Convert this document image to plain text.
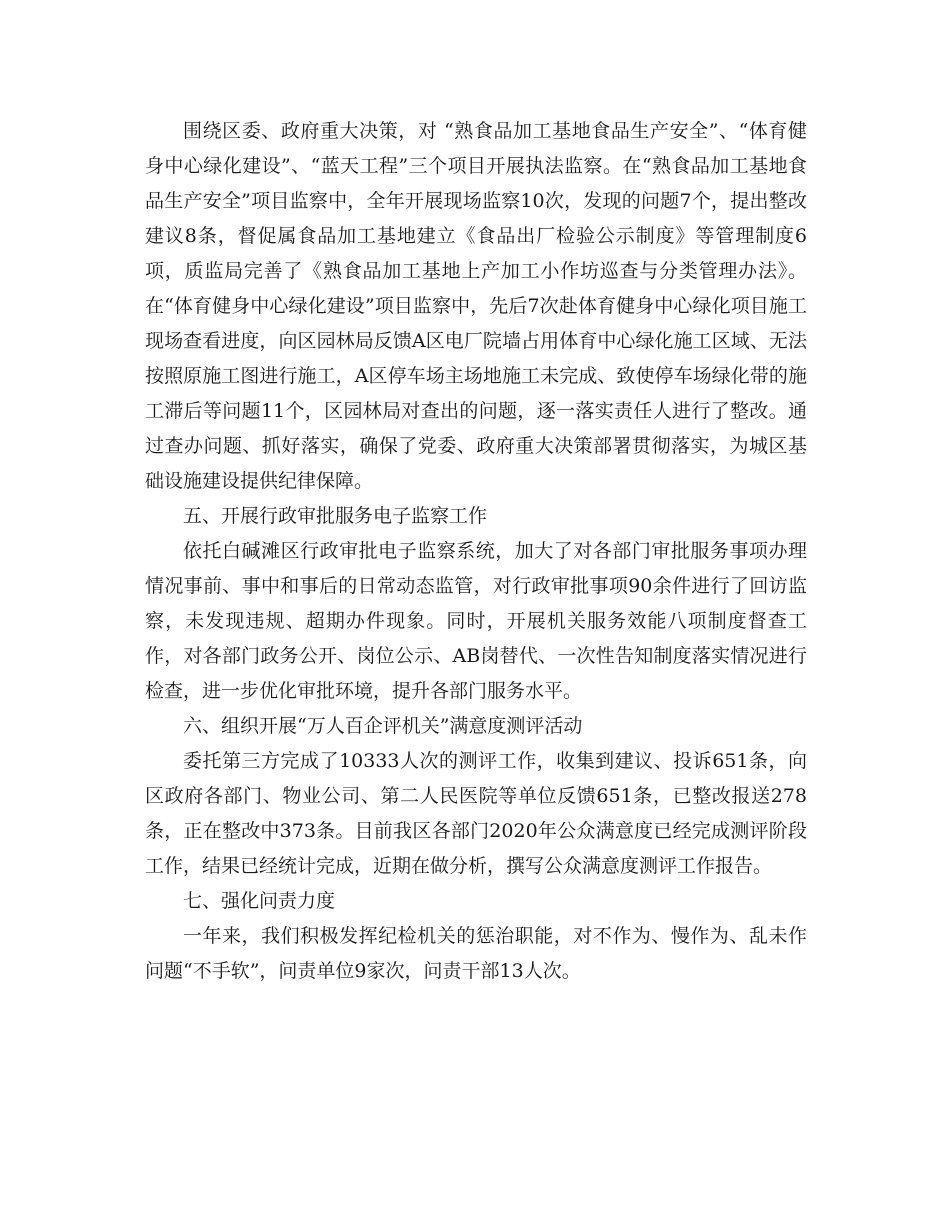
围绕区委、政府重大决策，对 “熟食品加工基地食品生产安全”、“体育健身中心绿化建设”、“蓝天工程”三个项目开展执法监察。在“熟食品加工基地食品生产安全”项目监察中，全年开展现场监察10次，发现的问题7个，提出整改建议8条，督促属食品加工基地建立《食品出厂检验公示制度》等管理制度6项，质监局完善了《熟食品加工基地上产加工小作坊巡查与分类管理办法》。在“体育健身中心绿化建设”项目监察中，先后7次赴体育健身中心绿化项目施工现场查看进度，向区园林局反馈A区电厂院墙占用体育中心绿化施工区域、无法按照原施工图进行施工，A区停车场主场地施工未完成、致使停车场绿化带的施工滞后等问题11个，区园林局对查出的问题，逐一落实责任人进行了整改。通过查办问题、抓好落实，确保了党委、政府重大决策部署贯彻落实，为城区基础设施建设提供纪律保障。

五、开展行政审批服务电子监察工作

依托白碱滩区行政审批电子监察系统，加大了对各部门审批服务事项办理情况事前、事中和事后的日常动态监管，对行政审批事项90余件进行了回访监察，未发现违规、超期办件现象。同时，开展机关服务效能八项制度督查工作，对各部门政务公开、岗位公示、AB岗替代、一次性告知制度落实情况进行检查，进一步优化审批环境，提升各部门服务水平。

六、组织开展“万人百企评机关”满意度测评活动

委托第三方完成了10333人次的测评工作，收集到建议、投诉651条，向区政府各部门、物业公司、第二人民医院等单位反馈651条，已整改报送278条，正在整改中373条。目前我区各部门2020年公众满意度已经完成测评阶段工作，结果已经统计完成，近期在做分析，撰写公众满意度测评工作报告。

七、强化问责力度

一年来，我们积极发挥纪检机关的惩治职能，对不作为、慢作为、乱未作问题“不手软”，问责单位9家次，问责干部13人次。
